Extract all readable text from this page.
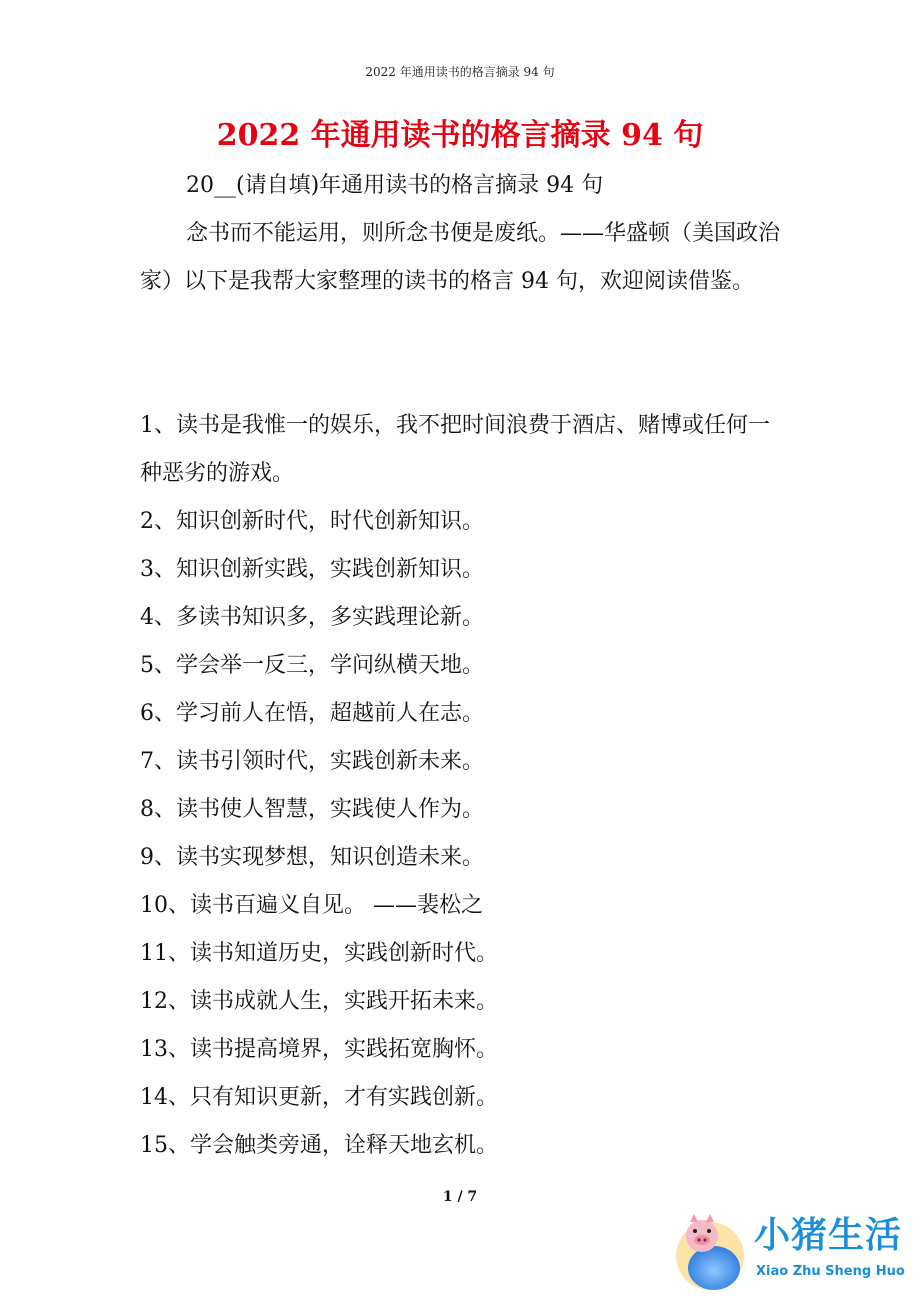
2022 年通用读书的格言摘录 94 句
2022 年通用读书的格言摘录 94 句

20__(请自填)年通用读书的格言摘录 94 句

念书而不能运用，则所念书便是废纸。——华盛顿（美国政治家）以下是我帮大家整理的读书的格言 94 句，欢迎阅读借鉴。

1、读书是我惟一的娱乐，我不把时间浪费于酒店、赌博或任何一种恶劣的游戏。
2、知识创新时代，时代创新知识。
3、知识创新实践，实践创新知识。
4、多读书知识多，多实践理论新。
5、学会举一反三，学问纵横天地。
6、学习前人在悟，超越前人在志。
7、读书引领时代，实践创新未来。
8、读书使人智慧，实践使人作为。
9、读书实现梦想，知识创造未来。
10、读书百遍义自见。 ——裴松之
11、读书知道历史，实践创新时代。
12、读书成就人生，实践开拓未来。
13、读书提高境界，实践拓宽胸怀。
14、只有知识更新，才有实践创新。
15、学会触类旁通，诠释天地玄机。
1 / 7
小猪生活
Xiao Zhu Sheng Huo
